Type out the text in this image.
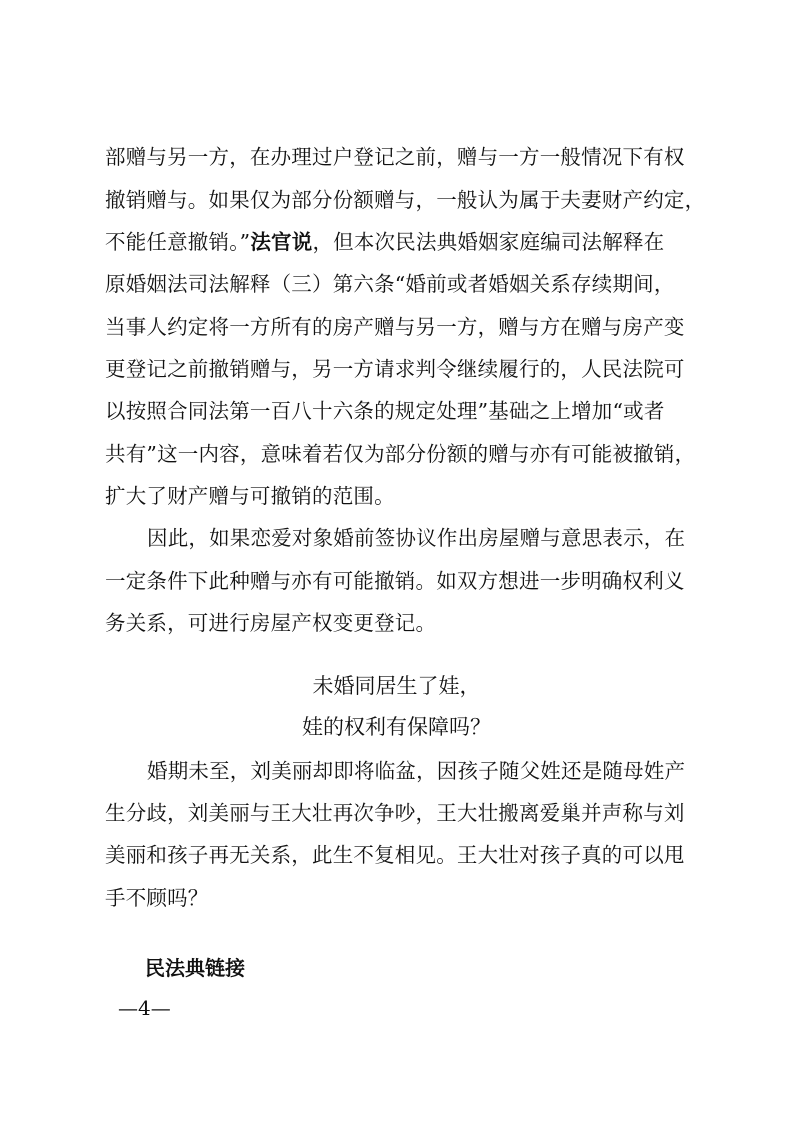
部赠与另一方，在办理过户登记之前，赠与一方一般情况下有权
撤销赠与。如果仅为部分份额赠与，一般认为属于夫妻财产约定，
不能任意撤销。”法官说，但本次民法典婚姻家庭编司法解释在
原婚姻法司法解释（三）第六条“婚前或者婚姻关系存续期间，
当事人约定将一方所有的房产赠与另一方，赠与方在赠与房产变
更登记之前撤销赠与，另一方请求判令继续履行的，人民法院可
以按照合同法第一百八十六条的规定处理”基础之上增加“或者
共有”这一内容，意味着若仅为部分份额的赠与亦有可能被撤销，
扩大了财产赠与可撤销的范围。
因此，如果恋爱对象婚前签协议作出房屋赠与意思表示，在
一定条件下此种赠与亦有可能撤销。如双方想进一步明确权利义
务关系，可进行房屋产权变更登记。
未婚同居生了娃，
娃的权利有保障吗？
婚期未至，刘美丽却即将临盆，因孩子随父姓还是随母姓产
生分歧，刘美丽与王大壮再次争吵，王大壮搬离爱巢并声称与刘
美丽和孩子再无关系，此生不复相见。王大壮对孩子真的可以甩
手不顾吗？
民法典链接
—4—
